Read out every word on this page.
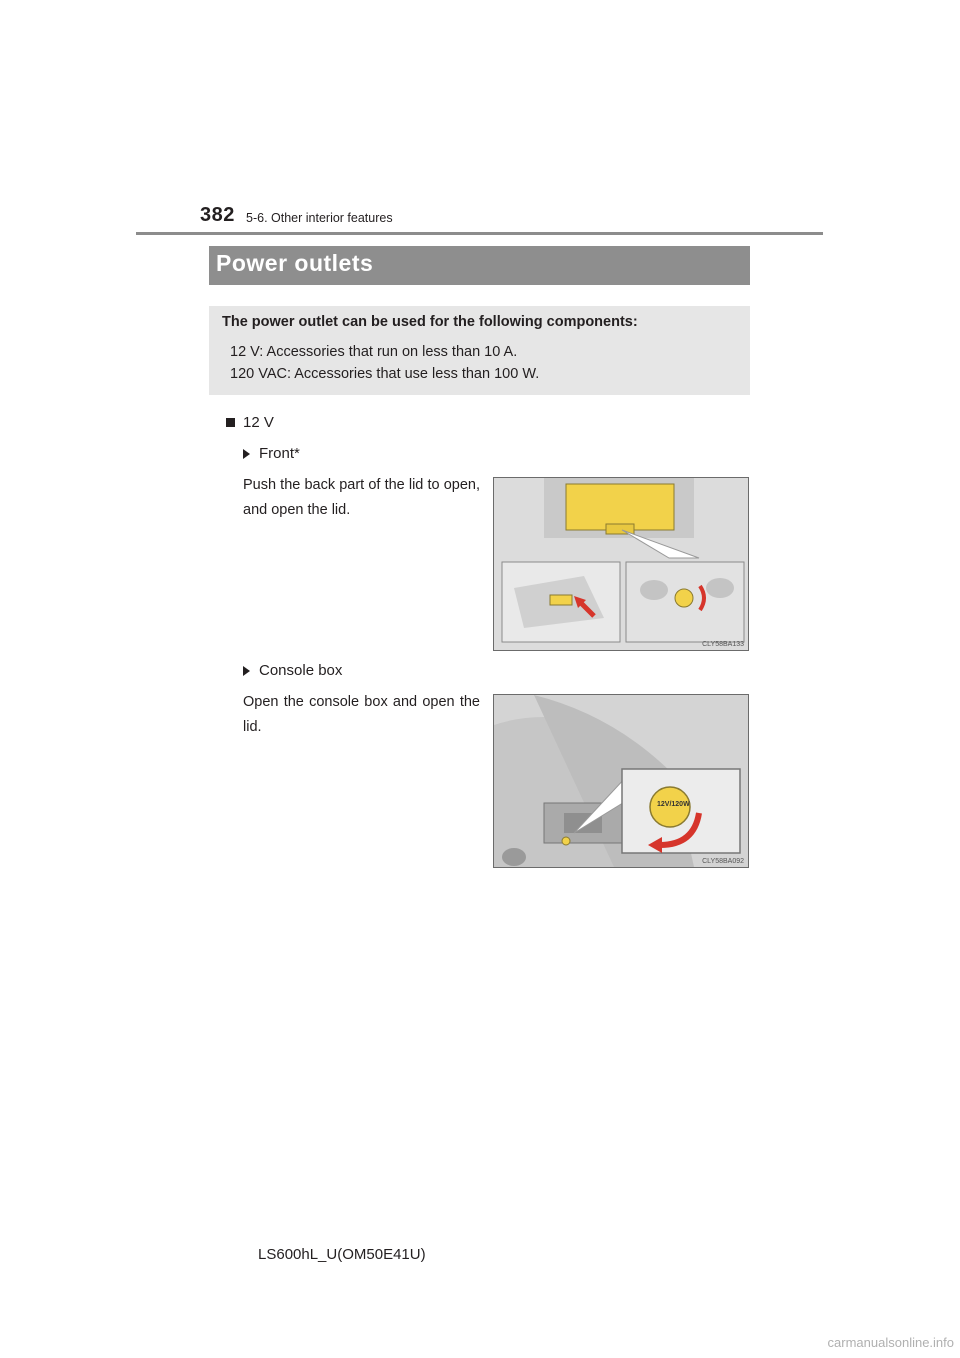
382 5-6. Other interior features
Power outlets
The power outlet can be used for the following components:
12 V: Accessories that run on less than 10 A.
120 VAC: Accessories that use less than 100 W.
12 V
Front*
Push the back part of the lid to open, and open the lid.
CLY58BA133
Console box
Open the console box and open the lid.
12V/120W
CLY58BA092
LS600hL_U(OM50E41U)
carmanualsonline.info
